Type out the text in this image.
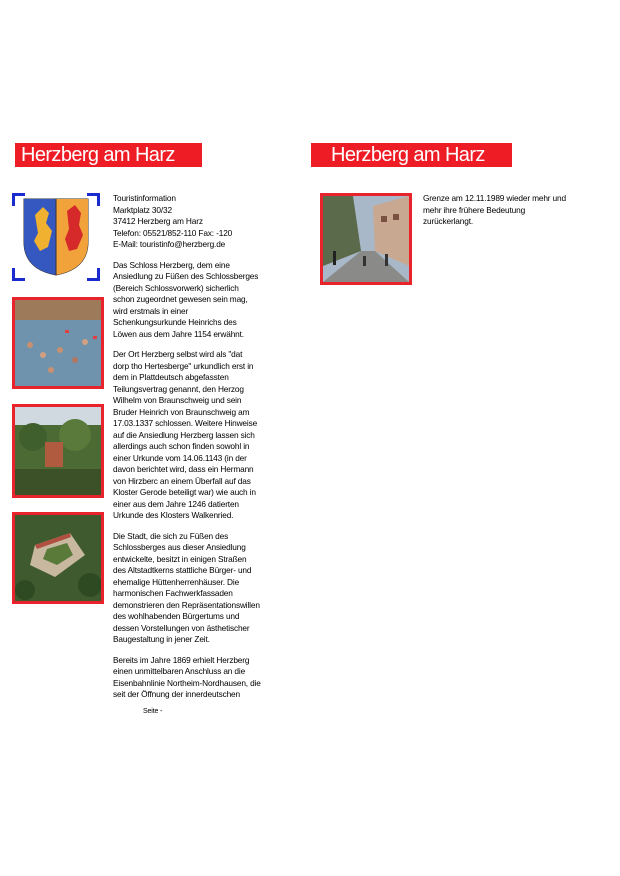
Herzberg am Harz	Herzberg am Harz

Touristinformation
Marktplatz 30/32
37412 Herzberg am Harz
Telefon: 05521/852-110 Fax: -120
E-Mail: touristinfo@herzberg.de

Das Schloss Herzberg, dem eine
Ansiedlung zu Füßen des Schlossberges
(Bereich Schlossvorwerk) sicherlich
schon zugeordnet gewesen sein mag,
wird erstmals in einer
Schenkungsurkunde Heinrichs des
Löwen aus dem Jahre 1154 erwähnt.

Der Ort Herzberg selbst wird als "dat
dorp tho Hertesberge" urkundlich erst in
dem in Plattdeutsch abgefassten
Teilungsvertrag genannt, den Herzog
Wilhelm von Braunschweig und sein
Bruder Heinrich von Braunschweig am
17.03.1337 schlossen. Weitere Hinweise
auf die Ansiedlung Herzberg lassen sich
allerdings auch schon finden sowohl in
einer Urkunde vom 14.06.1143 (in der
davon berichtet wird, dass ein Hermann
von Hirzberc an einem Überfall auf das
Kloster Gerode beteiligt war) wie auch in
einer aus dem Jahre 1246 datierten
Urkunde des Klosters Walkenried.

Die Stadt, die sich zu Füßen des
Schlossberges aus dieser Ansiedlung
entwickelte, besitzt in einigen Straßen
des Altstadtkerns stattliche Bürger- und
ehemalige Hüttenherrenhäuser. Die
harmonischen Fachwerkfassaden
demonstrieren den Repräsentationswillen
des wohlhabenden Bürgertums und
dessen Vorstellungen von ästhetischer
Baugestaltung in jener Zeit.

Bereits im Jahre 1869 erhielt Herzberg
einen unmittelbaren Anschluss an die
Eisenbahnlinie Northeim-Nordhausen, die
seit der Öffnung der innerdeutschen

Seite -

Grenze am 12.11.1989 wieder mehr und
mehr ihre frühere Bedeutung
zurückerlangt.
